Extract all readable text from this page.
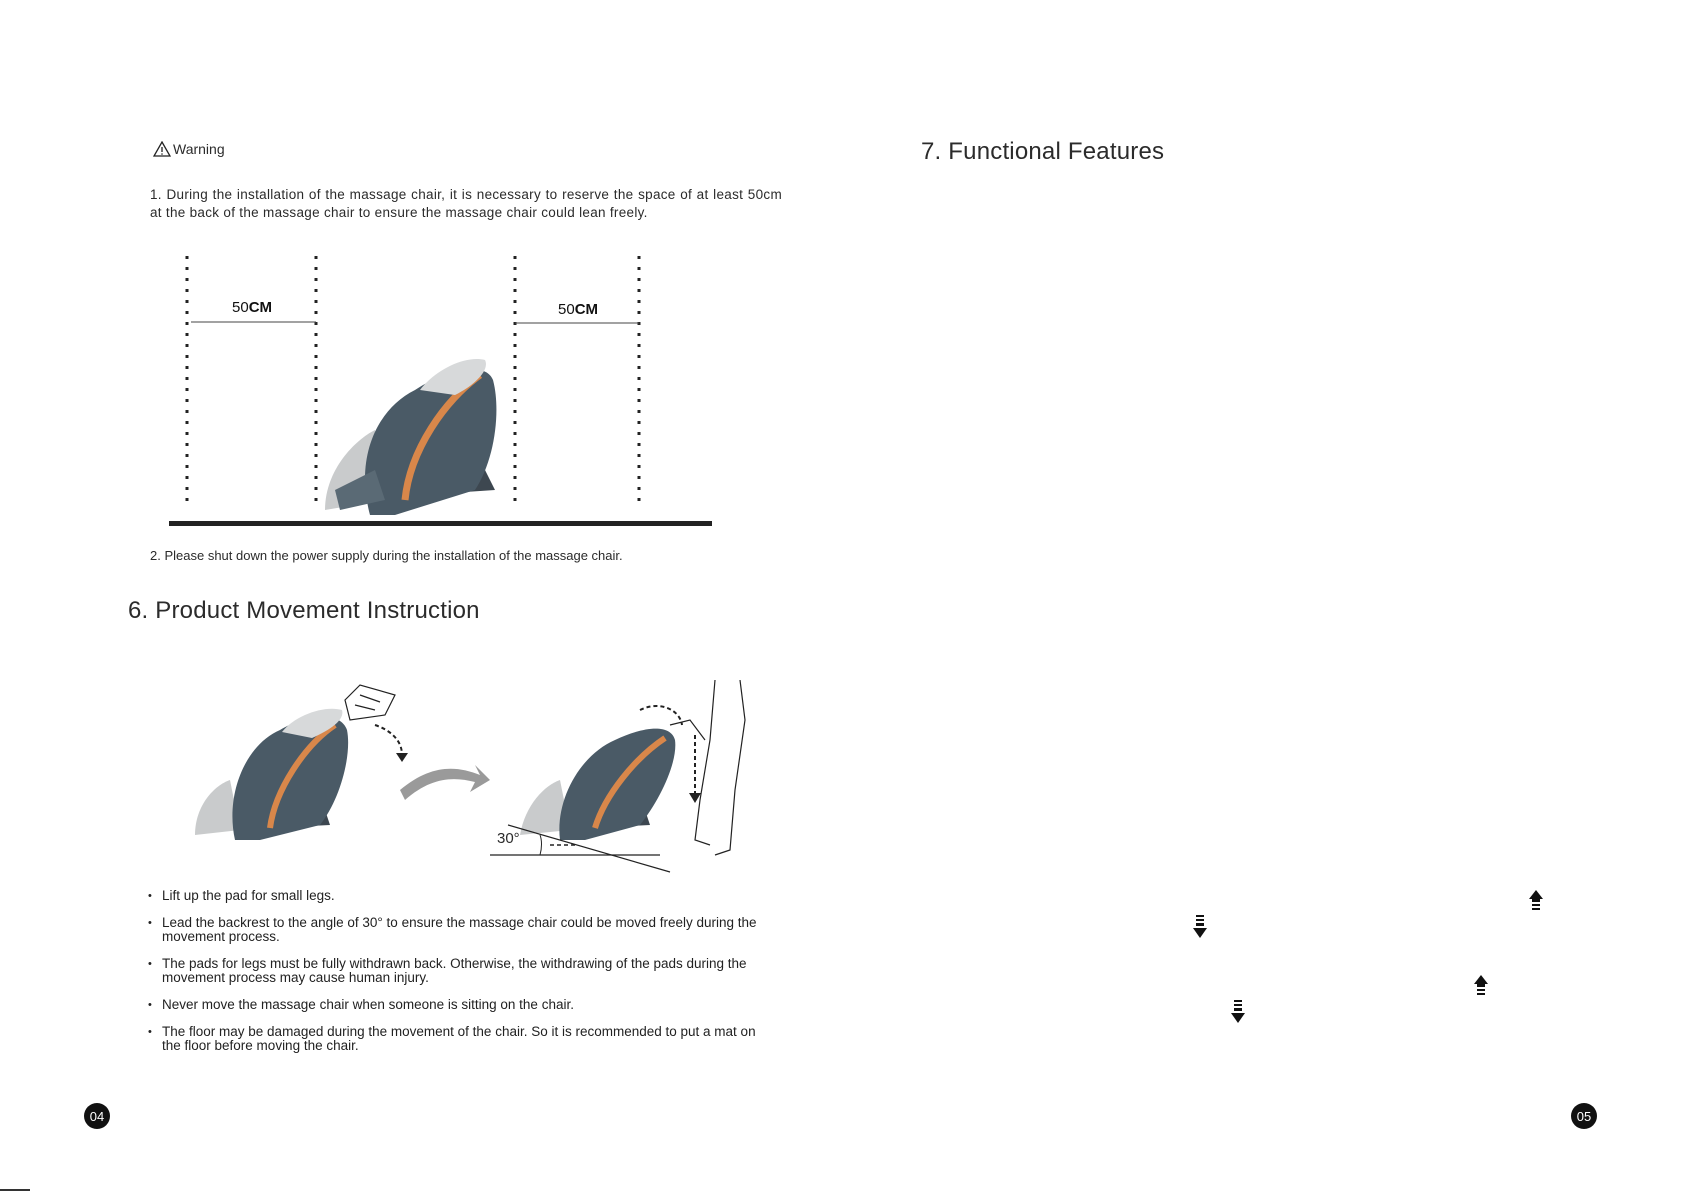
Warning
1. During the installation of the massage chair, it is necessary to reserve the space of at least 50cm at the back of the massage chair to ensure the massage chair could lean freely.
50CM	50CM
2. Please shut down the power supply during the installation of the massage chair.
6. Product Movement Instruction
30°
• Lift up the pad for small legs.
• Lead the backrest to the angle of 30° to ensure the massage chair could be moved freely during the movement process.
• The pads for legs must be fully withdrawn back. Otherwise, the withdrawing of the pads during the movement process may cause human injury.
• Never move the massage chair when someone is sitting on the chair.
• The floor may be damaged during the movement of the chair. So it is recommended to put a mat on the floor before moving the chair.
04
7. Functional Features
05
